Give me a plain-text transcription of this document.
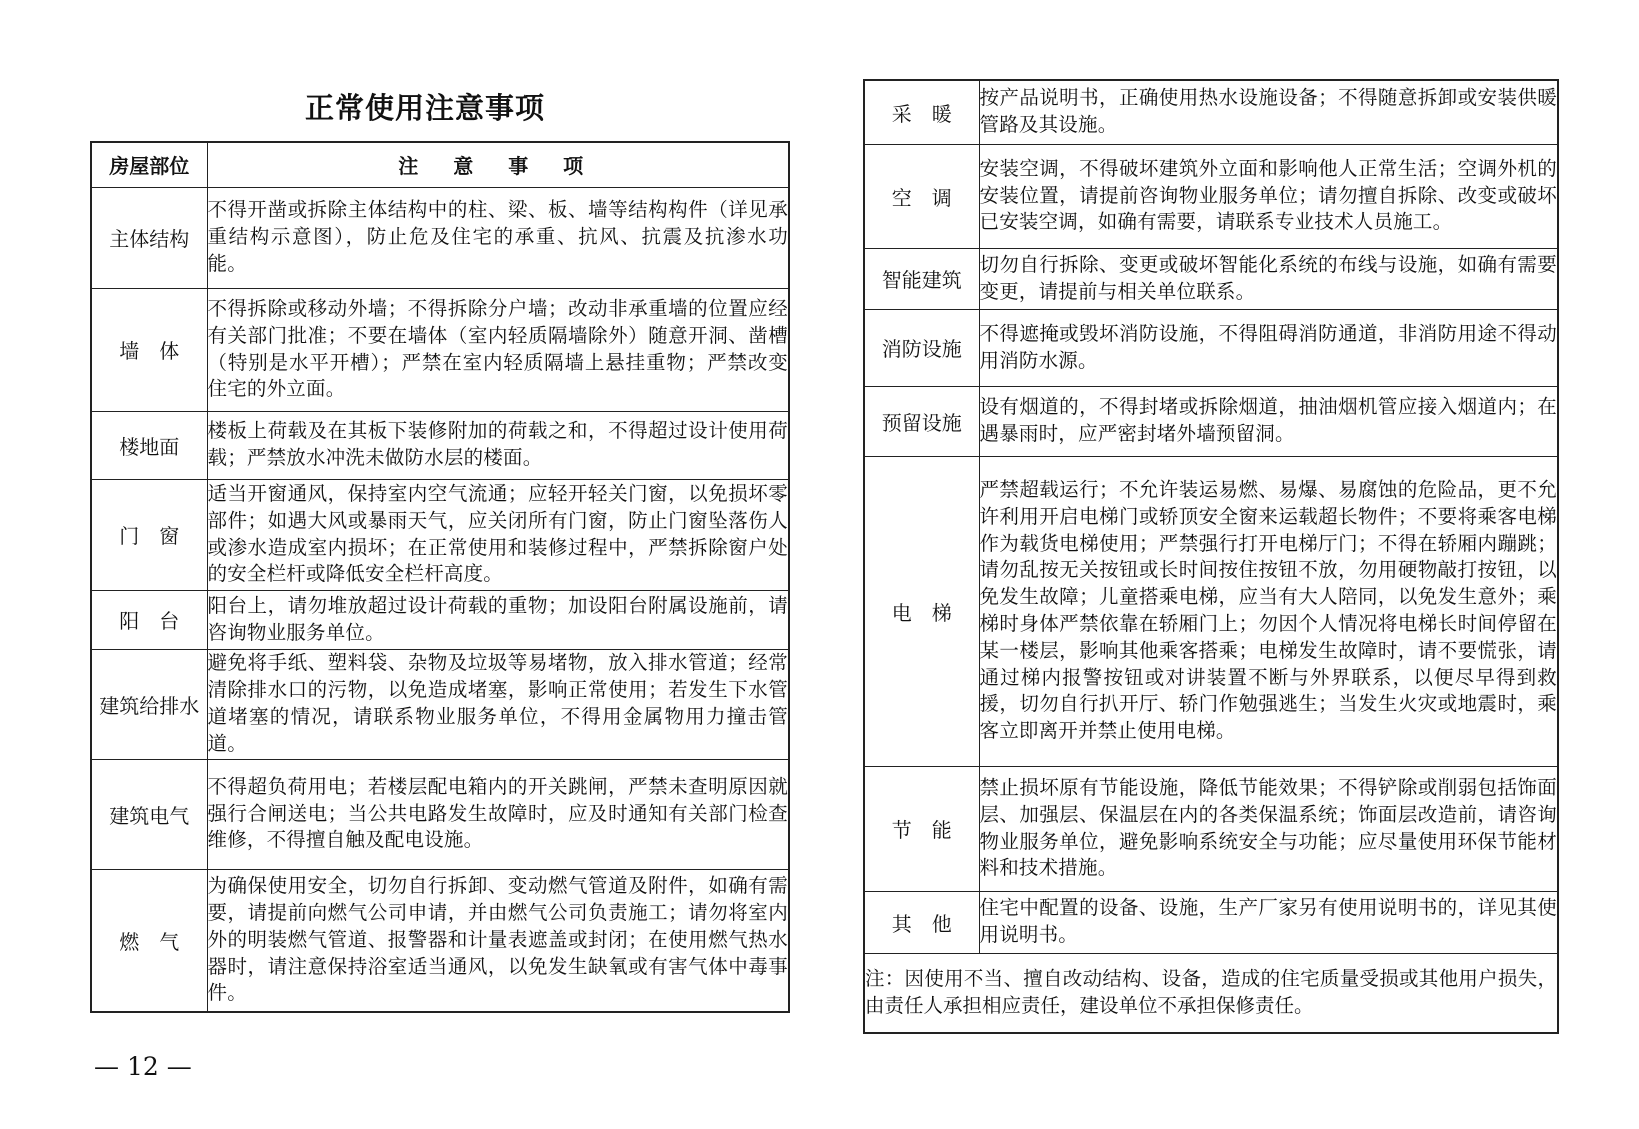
正常使用注意事项
房屋部位	注 意 事 项
主体结构	不得开凿或拆除主体结构中的柱、梁、板、墙等结构构件（详见承重结构示意图），防止危及住宅的承重、抗风、抗震及抗渗水功能。
墙　体	不得拆除或移动外墙；不得拆除分户墙；改动非承重墙的位置应经有关部门批准；不要在墙体（室内轻质隔墙除外）随意开洞、凿槽（特别是水平开槽）；严禁在室内轻质隔墙上悬挂重物；严禁改变住宅的外立面。
楼地面	楼板上荷载及在其板下装修附加的荷载之和，不得超过设计使用荷载；严禁放水冲洗未做防水层的楼面。
门　窗	适当开窗通风，保持室内空气流通；应轻开轻关门窗，以免损坏零部件；如遇大风或暴雨天气，应关闭所有门窗，防止门窗坠落伤人或渗水造成室内损坏；在正常使用和装修过程中，严禁拆除窗户处的安全栏杆或降低安全栏杆高度。
阳　台	阳台上，请勿堆放超过设计荷载的重物；加设阳台附属设施前，请咨询物业服务单位。
建筑给排水	避免将手纸、塑料袋、杂物及垃圾等易堵物，放入排水管道；经常清除排水口的污物，以免造成堵塞，影响正常使用；若发生下水管道堵塞的情况，请联系物业服务单位，不得用金属物用力撞击管道。
建筑电气	不得超负荷用电；若楼层配电箱内的开关跳闸，严禁未查明原因就强行合闸送电；当公共电路发生故障时，应及时通知有关部门检查维修，不得擅自触及配电设施。
燃　气	为确保使用安全，切勿自行拆卸、变动燃气管道及附件，如确有需要，请提前向燃气公司申请，并由燃气公司负责施工；请勿将室内外的明装燃气管道、报警器和计量表遮盖或封闭；在使用燃气热水器时，请注意保持浴室适当通风，以免发生缺氧或有害气体中毒事件。
— 12 —
采　暖	按产品说明书，正确使用热水设施设备；不得随意拆卸或安装供暖管路及其设施。
空　调	安装空调，不得破坏建筑外立面和影响他人正常生活；空调外机的安装位置，请提前咨询物业服务单位；请勿擅自拆除、改变或破坏已安装空调，如确有需要，请联系专业技术人员施工。
智能建筑	切勿自行拆除、变更或破坏智能化系统的布线与设施，如确有需要变更，请提前与相关单位联系。
消防设施	不得遮掩或毁坏消防设施，不得阻碍消防通道，非消防用途不得动用消防水源。
预留设施	设有烟道的，不得封堵或拆除烟道，抽油烟机管应接入烟道内；在遇暴雨时，应严密封堵外墙预留洞。
电　梯	严禁超载运行；不允许装运易燃、易爆、易腐蚀的危险品，更不允许利用开启电梯门或轿顶安全窗来运载超长物件；不要将乘客电梯作为载货电梯使用；严禁强行打开电梯厅门；不得在轿厢内蹦跳；请勿乱按无关按钮或长时间按住按钮不放，勿用硬物敲打按钮，以免发生故障；儿童搭乘电梯，应当有大人陪同，以免发生意外；乘梯时身体严禁依靠在轿厢门上；勿因个人情况将电梯长时间停留在某一楼层，影响其他乘客搭乘；电梯发生故障时，请不要慌张，请通过梯内报警按钮或对讲装置不断与外界联系，以便尽早得到救援，切勿自行扒开厅、轿门作勉强逃生；当发生火灾或地震时，乘客立即离开并禁止使用电梯。
节　能	禁止损坏原有节能设施，降低节能效果；不得铲除或削弱包括饰面层、加强层、保温层在内的各类保温系统；饰面层改造前，请咨询物业服务单位，避免影响系统安全与功能；应尽量使用环保节能材料和技术措施。
其　他	住宅中配置的设备、设施，生产厂家另有使用说明书的，详见其使用说明书。
注：因使用不当、擅自改动结构、设备，造成的住宅质量受损或其他用户损失，由责任人承担相应责任，建设单位不承担保修责任。	
